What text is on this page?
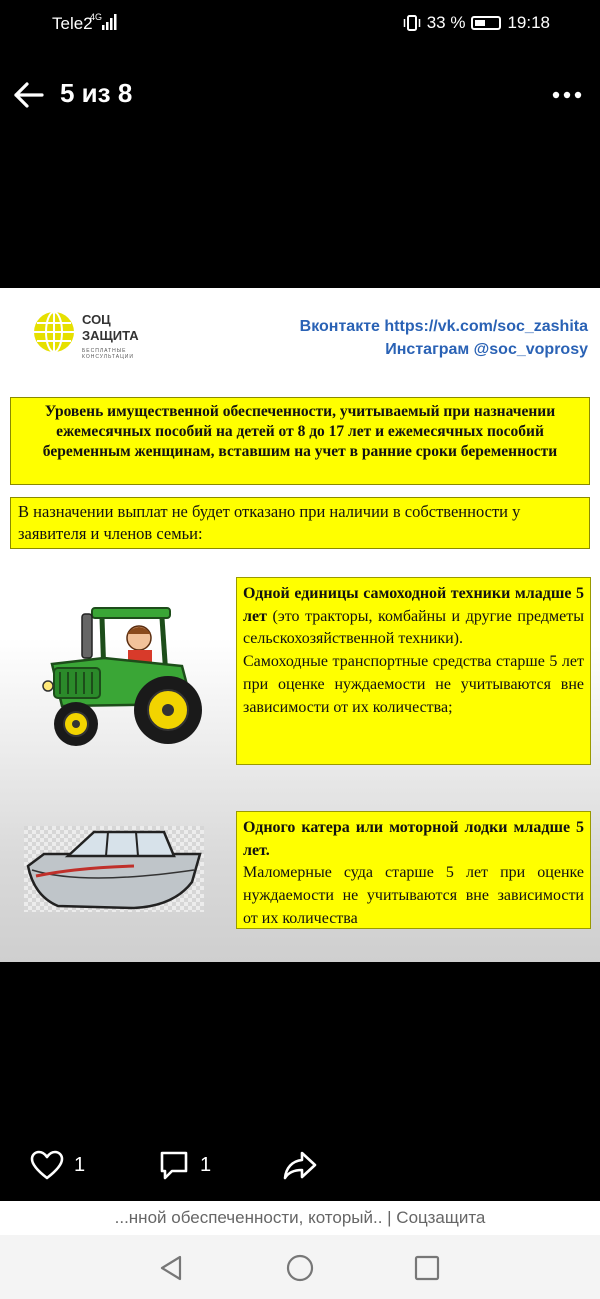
Tele2
4G	33 % 19:18
5 из 8
СОЦ
ЗАЩИТА
БЕСПЛАТНЫЕ КОНСУЛЬТАЦИИ
Вконтакте https://vk.com/soc_zashita
Инстаграм @soc_voprosy
Уровень имущественной обеспеченности, учитываемый при назначении ежемесячных пособий на детей от 8 до 17 лет и ежемесячных пособий беременным женщинам, вставшим на учет в ранние сроки беременности
В назначении выплат не будет отказано при наличии в собственности у заявителя и членов семьи:
Одной единицы самоходной техники младше 5 лет (это тракторы, комбайны и другие предметы сельскохозяйственной техники).
Самоходные транспортные средства старше 5 лет при оценке нуждаемости не учитываются вне зависимости от их количества;
Одного катера или моторной лодки младше 5 лет.
Маломерные суда старше 5 лет при оценке нуждаемости не учитываются вне зависимости от их количества
1	1
...нной обеспеченности, который.. | Соцзащита
